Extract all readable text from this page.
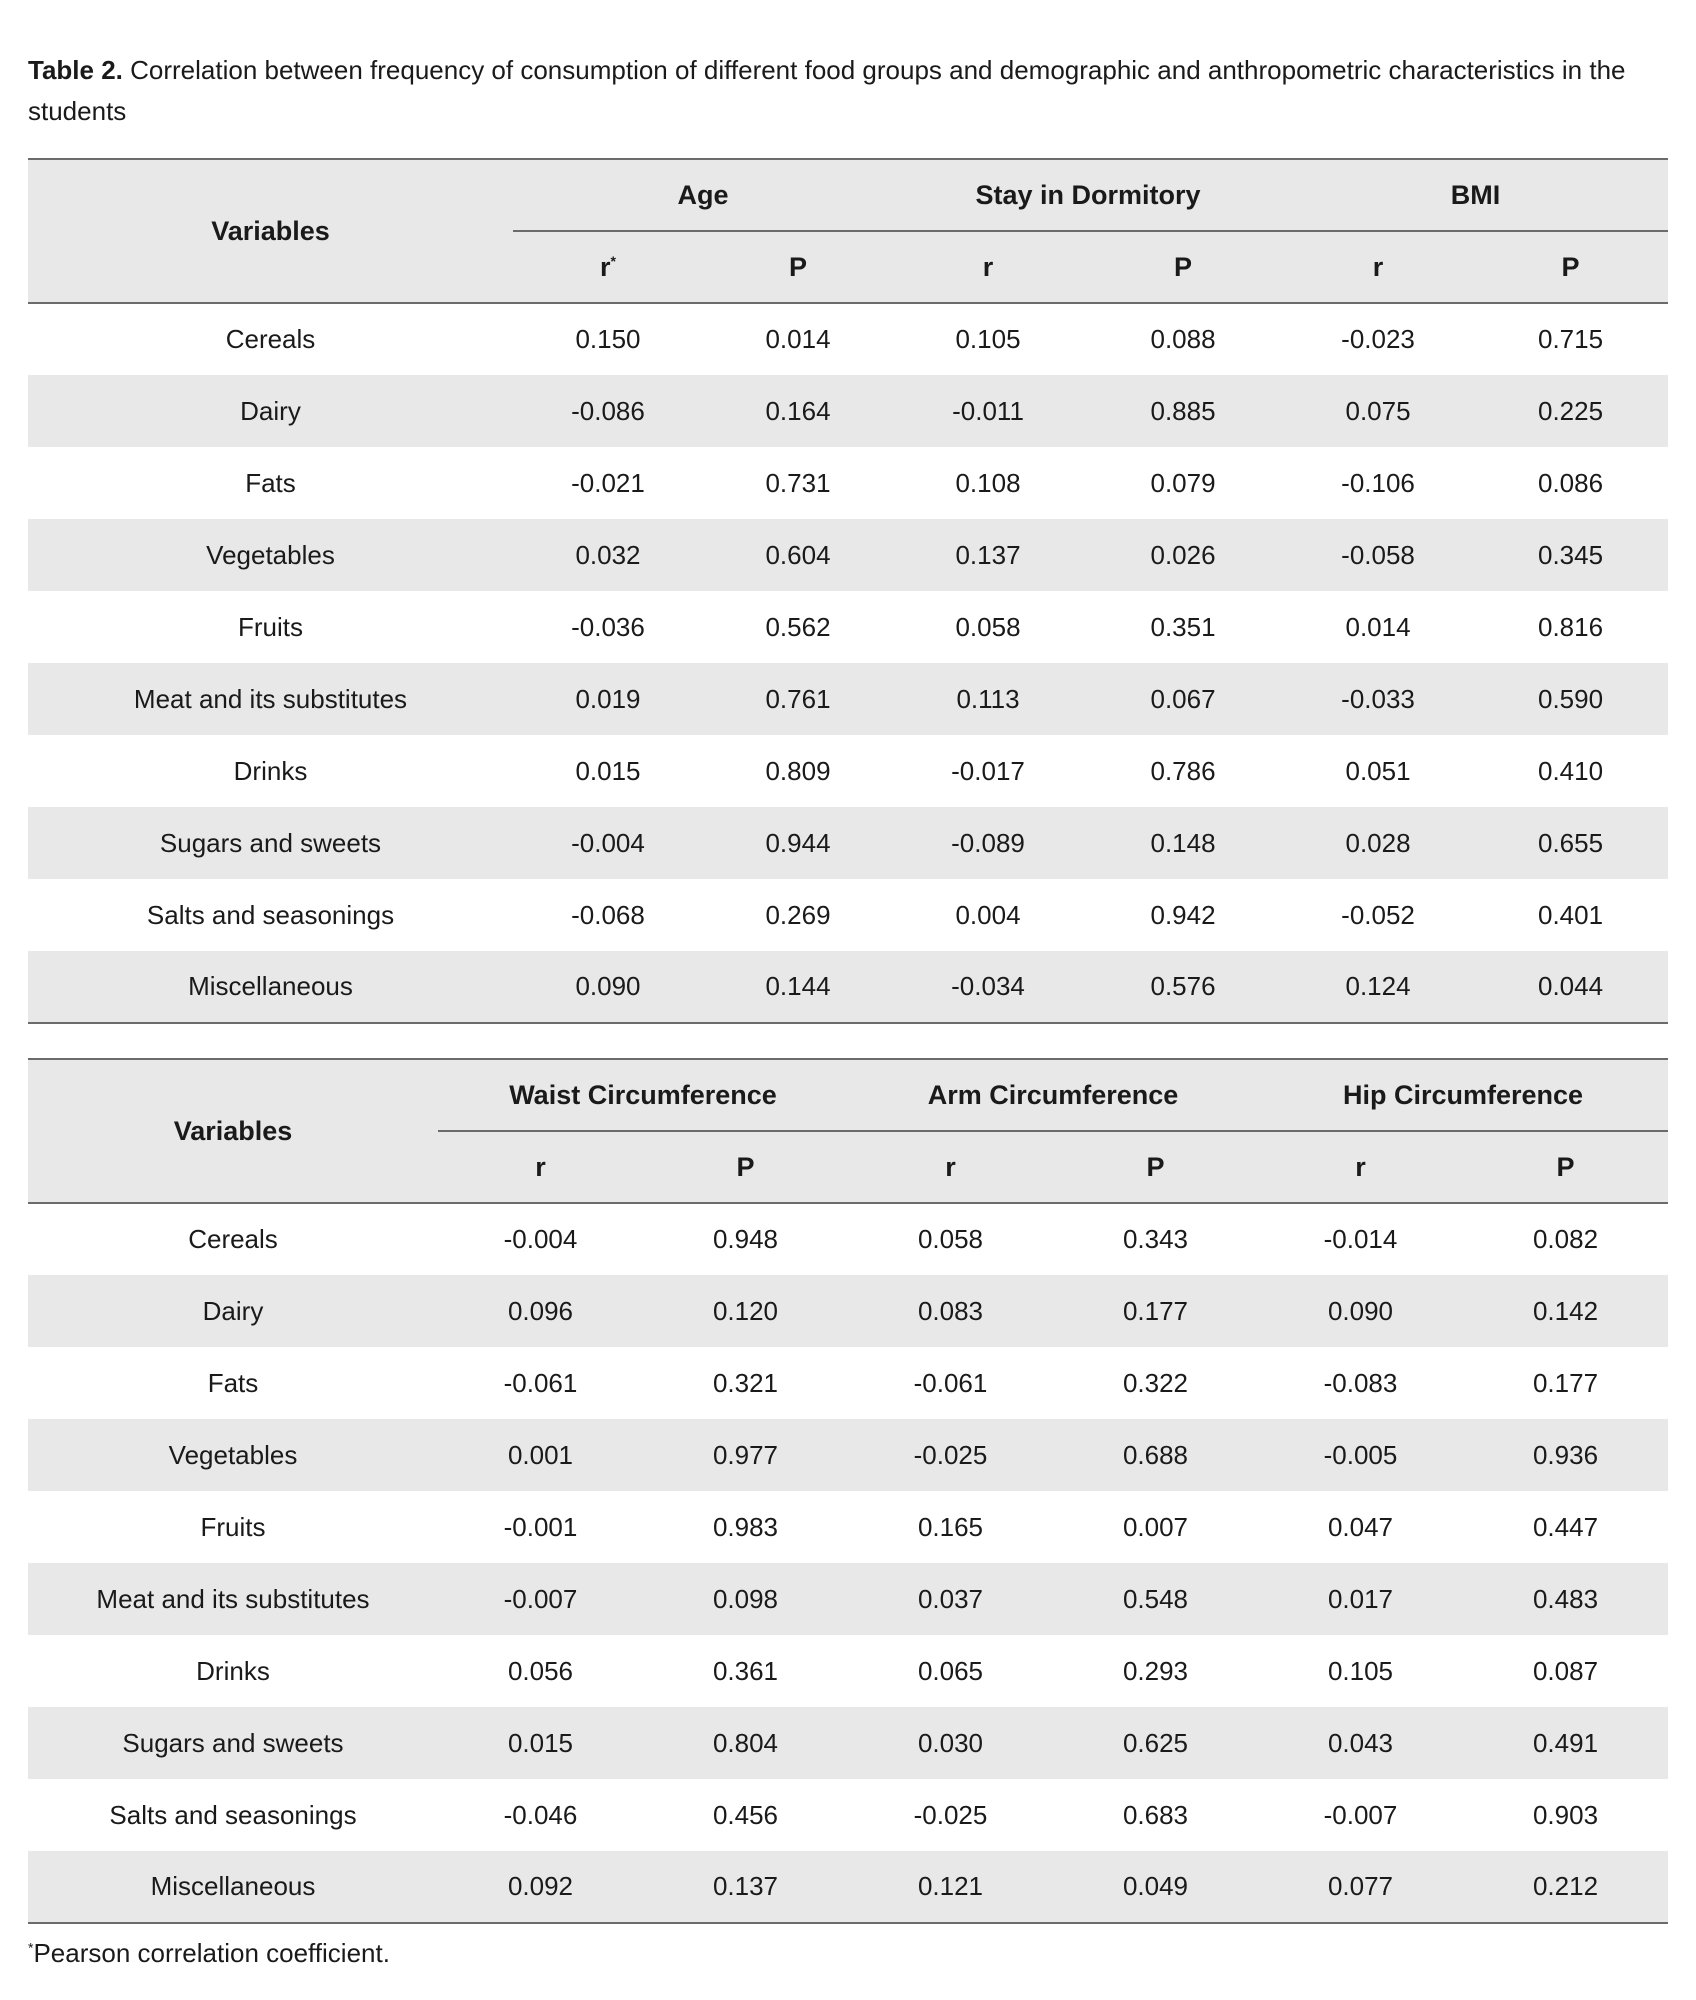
Table 2. Correlation between frequency of consumption of different food groups and demographic and anthropometric characteristics in the students
Variables	Age		Stay in Dormitory		BMI	
	r*	P	r	P	r	P
Cereals	0.150	0.014	0.105	0.088	-0.023	0.715
Dairy	-0.086	0.164	-0.011	0.885	0.075	0.225
Fats	-0.021	0.731	0.108	0.079	-0.106	0.086
Vegetables	0.032	0.604	0.137	0.026	-0.058	0.345
Fruits	-0.036	0.562	0.058	0.351	0.014	0.816
Meat and its substitutes	0.019	0.761	0.113	0.067	-0.033	0.590
Drinks	0.015	0.809	-0.017	0.786	0.051	0.410
Sugars and sweets	-0.004	0.944	-0.089	0.148	0.028	0.655
Salts and seasonings	-0.068	0.269	0.004	0.942	-0.052	0.401
Miscellaneous	0.090	0.144	-0.034	0.576	0.124	0.044
Variables	Waist Circumference		Arm Circumference		Hip Circumference	
	r	P	r	P	r	P
Cereals	-0.004	0.948	0.058	0.343	-0.014	0.082
Dairy	0.096	0.120	0.083	0.177	0.090	0.142
Fats	-0.061	0.321	-0.061	0.322	-0.083	0.177
Vegetables	0.001	0.977	-0.025	0.688	-0.005	0.936
Fruits	-0.001	0.983	0.165	0.007	0.047	0.447
Meat and its substitutes	-0.007	0.098	0.037	0.548	0.017	0.483
Drinks	0.056	0.361	0.065	0.293	0.105	0.087
Sugars and sweets	0.015	0.804	0.030	0.625	0.043	0.491
Salts and seasonings	-0.046	0.456	-0.025	0.683	-0.007	0.903
Miscellaneous	0.092	0.137	0.121	0.049	0.077	0.212
*Pearson correlation coefficient.
